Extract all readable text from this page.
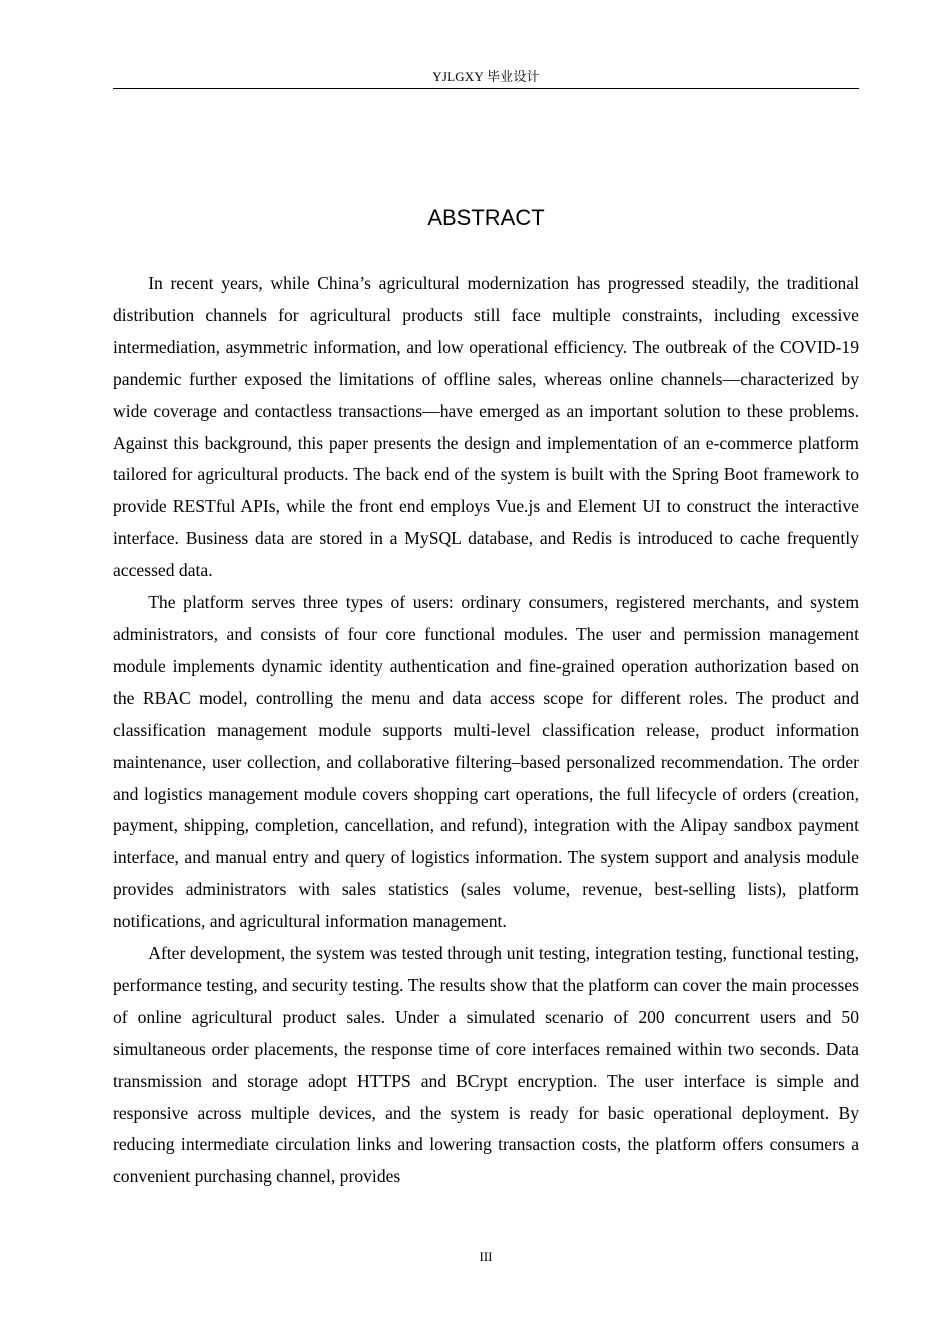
YJLGXY 毕业设计
ABSTRACT

In recent years, while China’s agricultural modernization has progressed steadily, the traditional distribution channels for agricultural products still face multiple constraints, including excessive intermediation, asymmetric information, and low operational efficiency. The outbreak of the COVID-19 pandemic further exposed the limitations of offline sales, whereas online channels—characterized by wide coverage and contactless transactions—have emerged as an important solution to these problems. Against this background, this paper presents the design and implementation of an e-commerce platform tailored for agricultural products. The back end of the system is built with the Spring Boot framework to provide RESTful APIs, while the front end employs Vue.js and Element UI to construct the interactive interface. Business data are stored in a MySQL database, and Redis is introduced to cache frequently accessed data.

The platform serves three types of users: ordinary consumers, registered merchants, and system administrators, and consists of four core functional modules. The user and permission management module implements dynamic identity authentication and fine-grained operation authorization based on the RBAC model, controlling the menu and data access scope for different roles. The product and classification management module supports multi-level classification release, product information maintenance, user collection, and collaborative filtering–based personalized recommendation. The order and logistics management module covers shopping cart operations, the full lifecycle of orders (creation, payment, shipping, completion, cancellation, and refund), integration with the Alipay sandbox payment interface, and manual entry and query of logistics information. The system support and analysis module provides administrators with sales statistics (sales volume, revenue, best-selling lists), platform notifications, and agricultural information management.

After development, the system was tested through unit testing, integration testing, functional testing, performance testing, and security testing. The results show that the platform can cover the main processes of online agricultural product sales. Under a simulated scenario of 200 concurrent users and 50 simultaneous order placements, the response time of core interfaces remained within two seconds. Data transmission and storage adopt HTTPS and BCrypt encryption. The user interface is simple and responsive across multiple devices, and the system is ready for basic operational deployment. By reducing intermediate circulation links and lowering transaction costs, the platform offers consumers a convenient purchasing channel, provides

III
